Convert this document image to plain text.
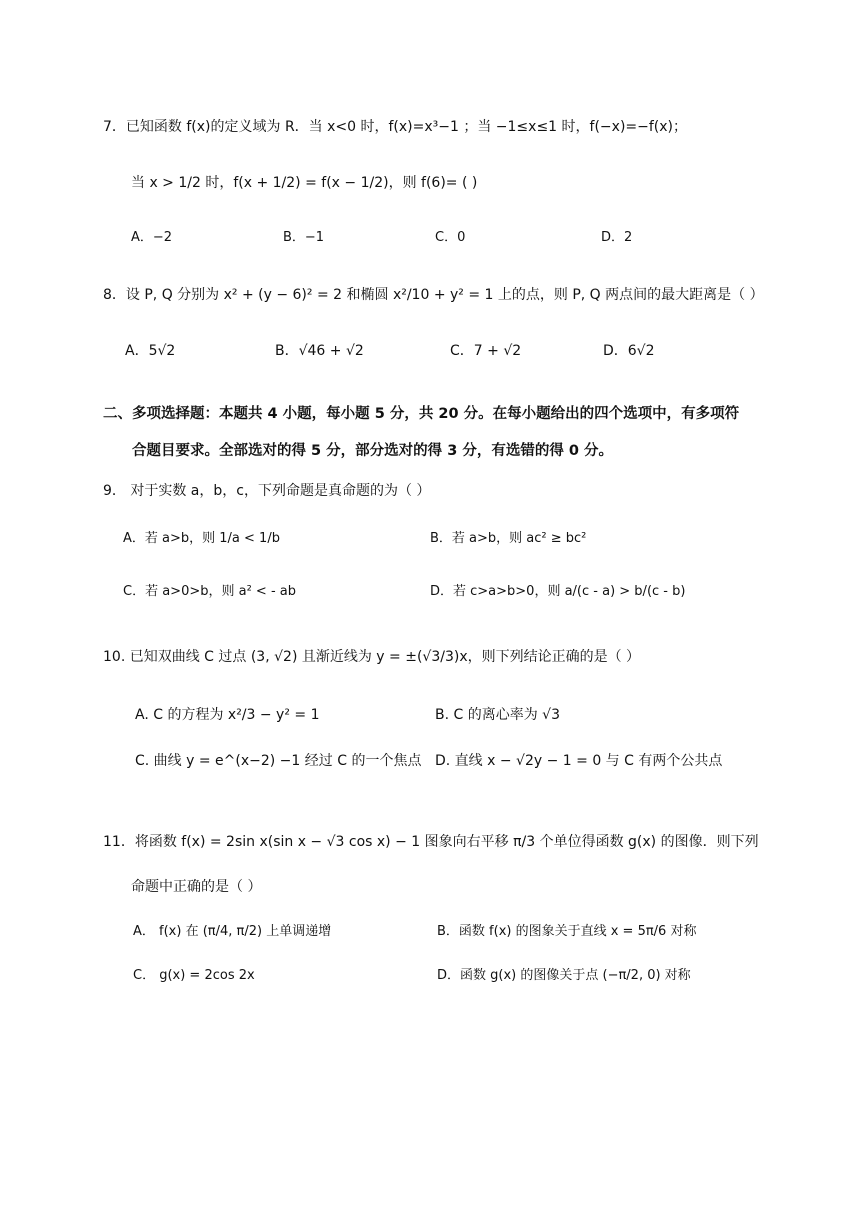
7．已知函数 f(x)的定义域为 R．当 x<0 时，f(x)=x³−1 ；当 −1≤x≤1 时，f(−x)=−f(x)；
当 x > 1/2 时，f(x + 1/2) = f(x − 1/2)，则 f(6)= ( )
A．−2	B．−1	C．0	D．2
8．设 P, Q 分别为 x² + (y − 6)² = 2 和椭圆 x²/10 + y² = 1 上的点，则 P, Q 两点间的最大距离是（ ）
A．5√2	B．√46 + √2	C．7 + √2	D．6√2
二、多项选择题：本题共 4 小题，每小题 5 分，共 20 分。在每小题给出的四个选项中，有多项符
合题目要求。全部选对的得 5 分，部分选对的得 3 分，有选错的得 0 分。
9． 对于实数 a，b，c，下列命题是真命题的为（ ）
A．若 a>b，则 1/a < 1/b	B．若 a>b，则 ac² ≥ bc²
C．若 a>0>b，则 a² < - ab	D．若 c>a>b>0，则 a/(c - a) > b/(c - b)
10. 已知双曲线 C 过点 (3, √2) 且渐近线为 y = ±(√3/3)x，则下列结论正确的是（ ）
A. C 的方程为 x²/3 − y² = 1	B. C 的离心率为 √3
C. 曲线 y = e^(x−2) −1 经过 C 的一个焦点 D. 直线 x − √2y − 1 = 0 与 C 有两个公共点
11．将函数 f(x) = 2sin x(sin x − √3 cos x) − 1 图象向右平移 π/3 个单位得函数 g(x) 的图像．则下列
命题中正确的是（ ）
A． f(x) 在 (π/4, π/2) 上单调递增	B．函数 f(x) 的图象关于直线 x = 5π/6 对称
C． g(x) = 2cos 2x	D．函数 g(x) 的图像关于点 (−π/2, 0) 对称
